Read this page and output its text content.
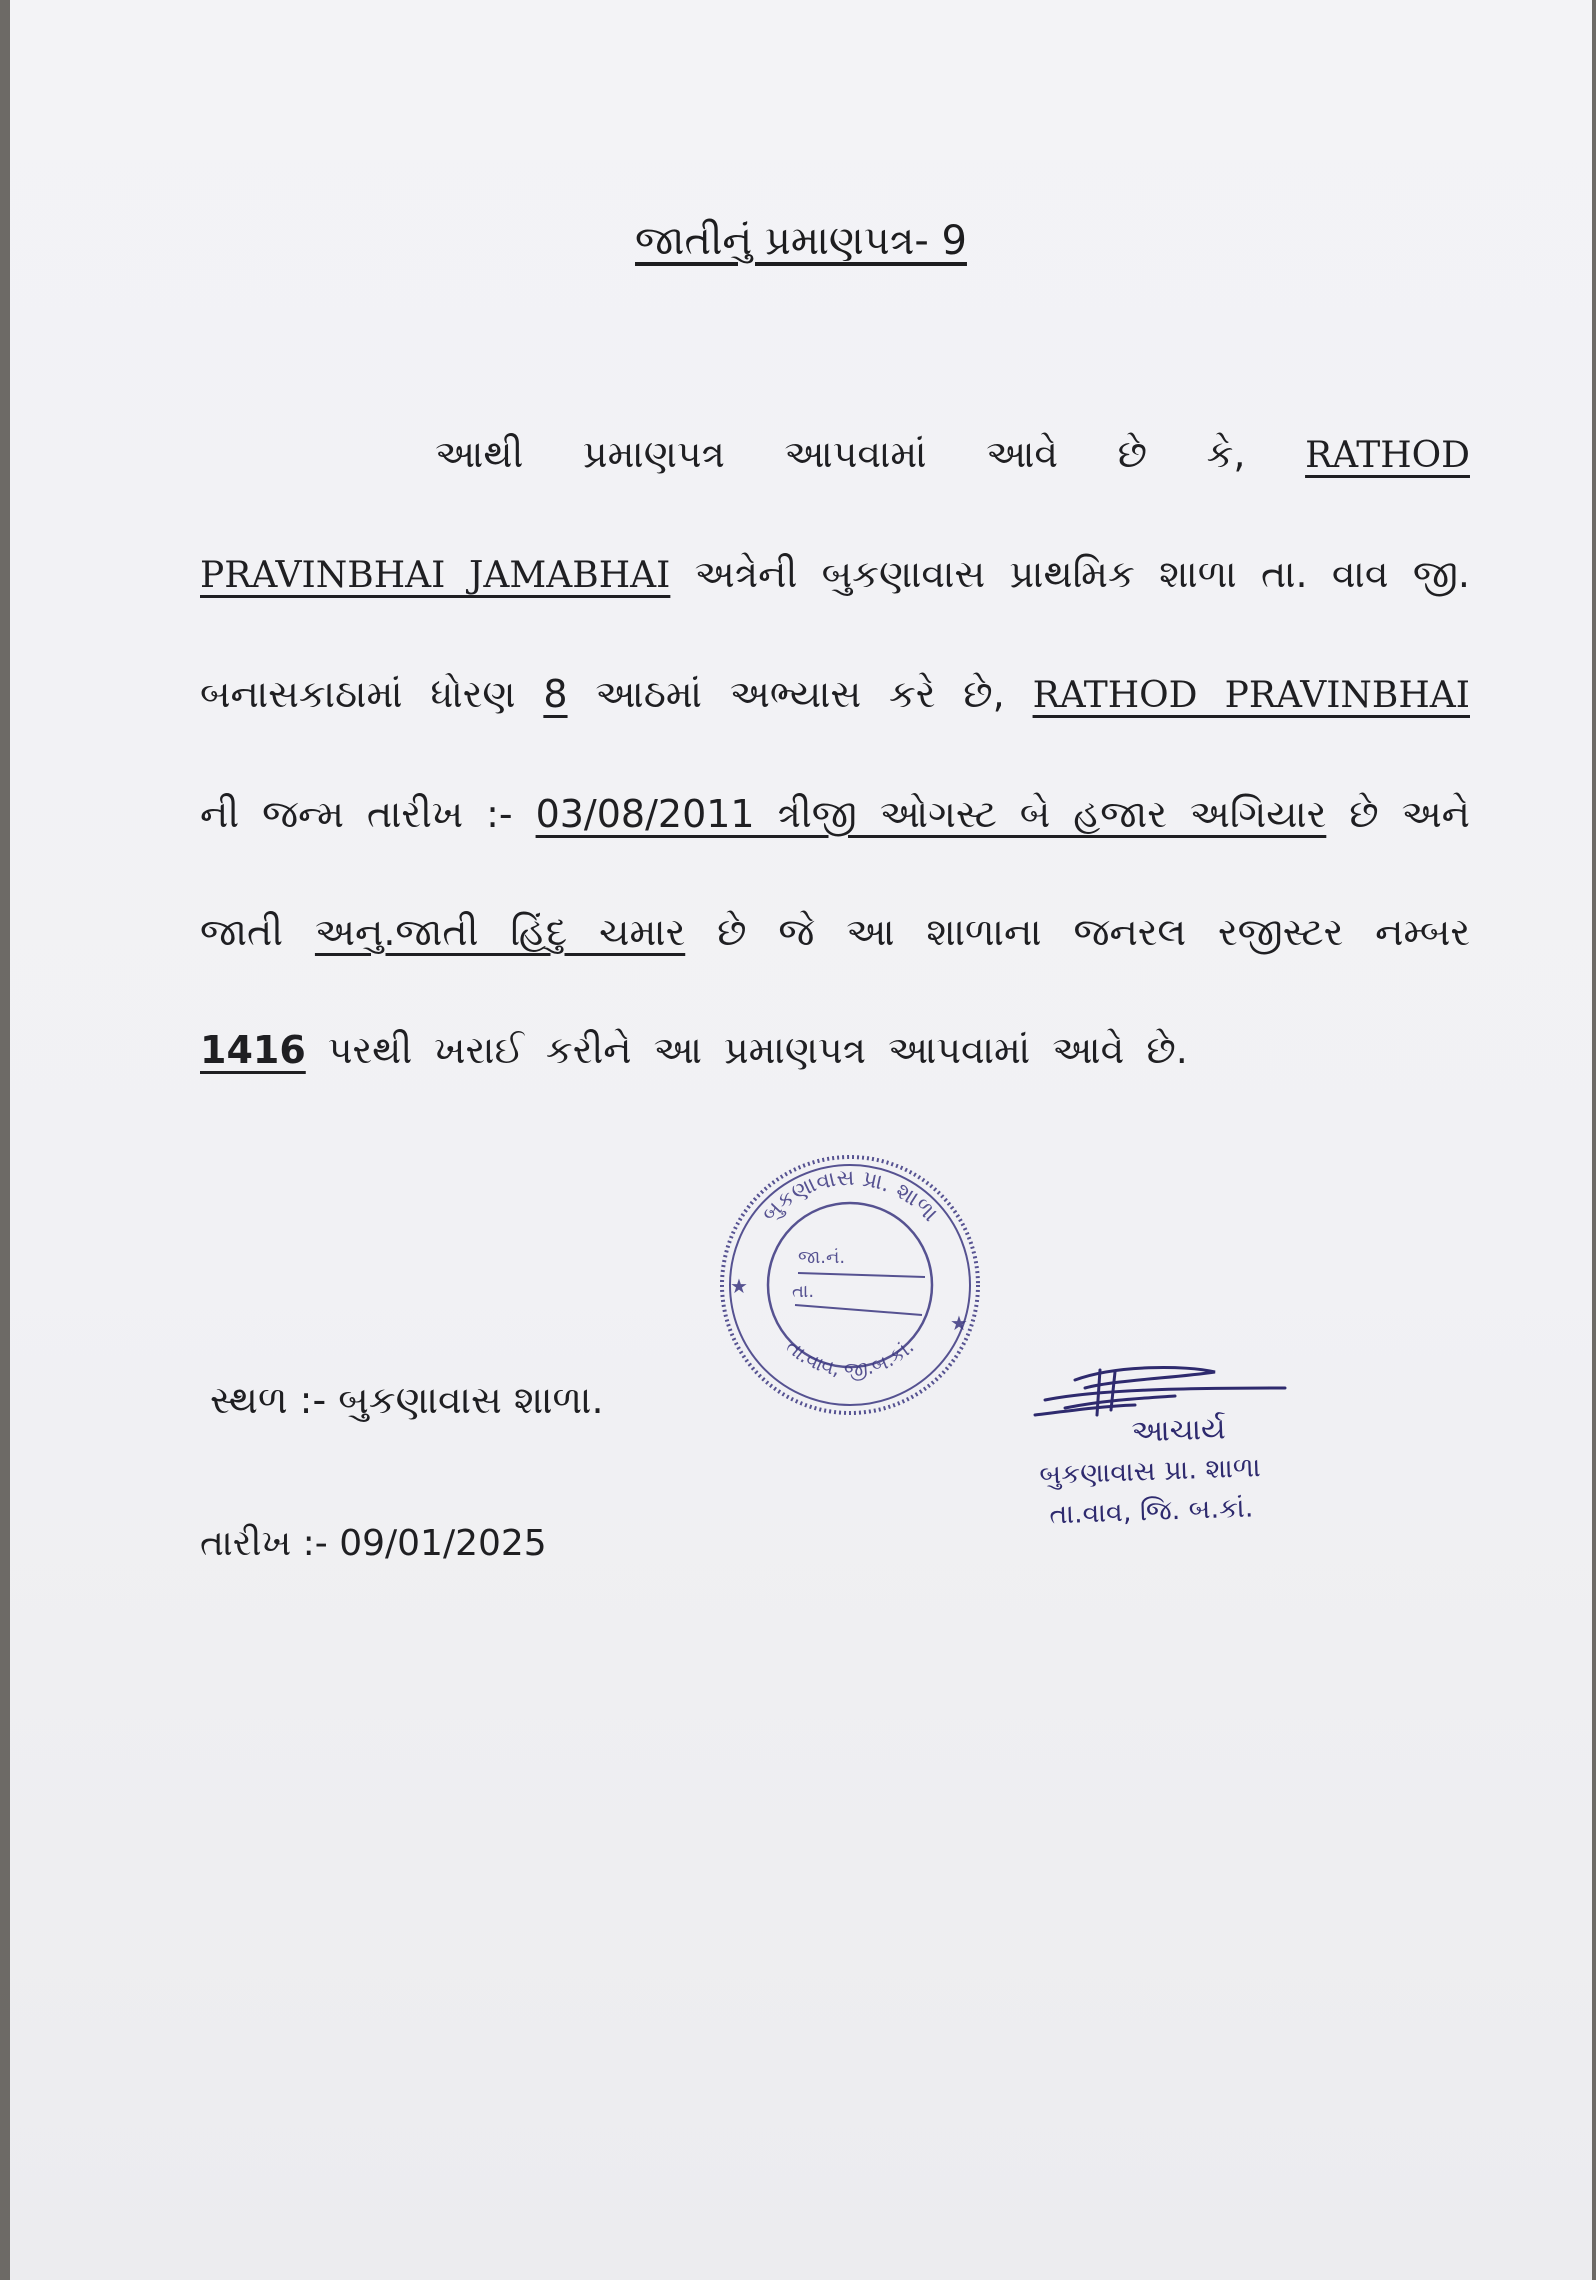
જાતીનું પ્રમાણપત્ર- 9
આથી પ્રમાણપત્ર આપવામાં આવે છે કે, RATHOD PRAVINBHAI JAMABHAI અત્રેની બુકણાવાસ પ્રાથમિક શાળા તા. વાવ જી. બનાસકાઠામાં ધોરણ 8 આઠમાં અભ્યાસ કરે છે, RATHOD PRAVINBHAI ની જન્મ તારીખ :- 03/08/2011 ત્રીજી ઓગસ્ટ બે હજાર અગિયાર છે અને જાતી અનુ.જાતી હિંદુ ચમાર છે જે આ શાળાના જનરલ રજીસ્ટર નમ્બર 1416 પરથી ખરાઈ કરીને આ પ્રમાણપત્ર આપવામાં આવે છે.
સ્થળ :- બુકણાવાસ શાળા.
તારીખ :- 09/01/2025
બુકણાવાસ પ્રા. શાળા
તા.વાવ, જી.બ.કાં.
જા.નં.
તા.
★
★
આચાર્ય
બુકણાવાસ પ્રા. શાળા
તા.વાવ, જિ. બ.કાં.
